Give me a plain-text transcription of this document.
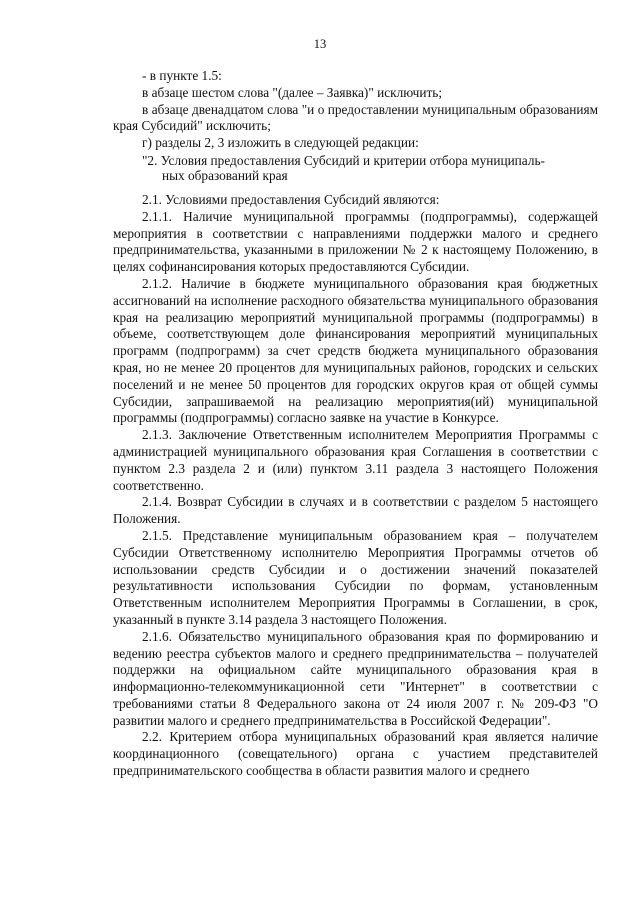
13

- в пункте 1.5:

в абзаце шестом слова "(далее – Заявка)" исключить;

в абзаце двенадцатом слова "и о предоставлении муниципальным образованиям края Субсидий" исключить;

г) разделы 2, 3 изложить в следующей редакции:

"2. Условия предоставления Субсидий и критерии отбора муниципаль-
ных образований края

2.1. Условиями предоставления Субсидий являются:

2.1.1. Наличие муниципальной программы (подпрограммы), содержащей мероприятия в соответствии с направлениями поддержки малого и среднего предпринимательства, указанными в приложении № 2 к настоящему Положению, в целях софинансирования которых предоставляются Субсидии.

2.1.2. Наличие в бюджете муниципального образования края бюджетных ассигнований на исполнение расходного обязательства муниципального образования края на реализацию мероприятий муниципальной программы (подпрограммы) в объеме, соответствующем доле финансирования мероприятий муниципальных программ (подпрограмм) за счет средств бюджета муниципального образования края, но не менее 20 процентов для муниципальных районов, городских и сельских поселений и не менее 50 процентов для городских округов края от общей суммы Субсидии, запрашиваемой на реализацию мероприятия(ий) муниципальной программы (подпрограммы) согласно заявке на участие в Конкурсе.

2.1.3. Заключение Ответственным исполнителем Мероприятия Программы с администрацией муниципального образования края Соглашения в соответствии с пунктом 2.3 раздела 2 и (или) пунктом 3.11 раздела 3 настоящего Положения соответственно.

2.1.4. Возврат Субсидии в случаях и в соответствии с разделом 5 настоящего Положения.

2.1.5. Представление муниципальным образованием края – получателем Субсидии Ответственному исполнителю Мероприятия Программы отчетов об использовании средств Субсидии и о достижении значений показателей результативности использования Субсидии по формам, установленным Ответственным исполнителем Мероприятия Программы в Соглашении, в срок, указанный в пункте 3.14 раздела 3 настоящего Положения.

2.1.6. Обязательство муниципального образования края по формированию и ведению реестра субъектов малого и среднего предпринимательства – получателей поддержки на официальном сайте муниципального образования края в информационно-телекоммуникационной сети "Интернет" в соответствии с требованиями статьи 8 Федерального закона от 24 июля 2007 г. № 209-ФЗ "О развитии малого и среднего предпринимательства в Российской Федерации".

2.2. Критерием отбора муниципальных образований края является наличие координационного (совещательного) органа с участием представителей предпринимательского сообщества в области развития малого и среднего
